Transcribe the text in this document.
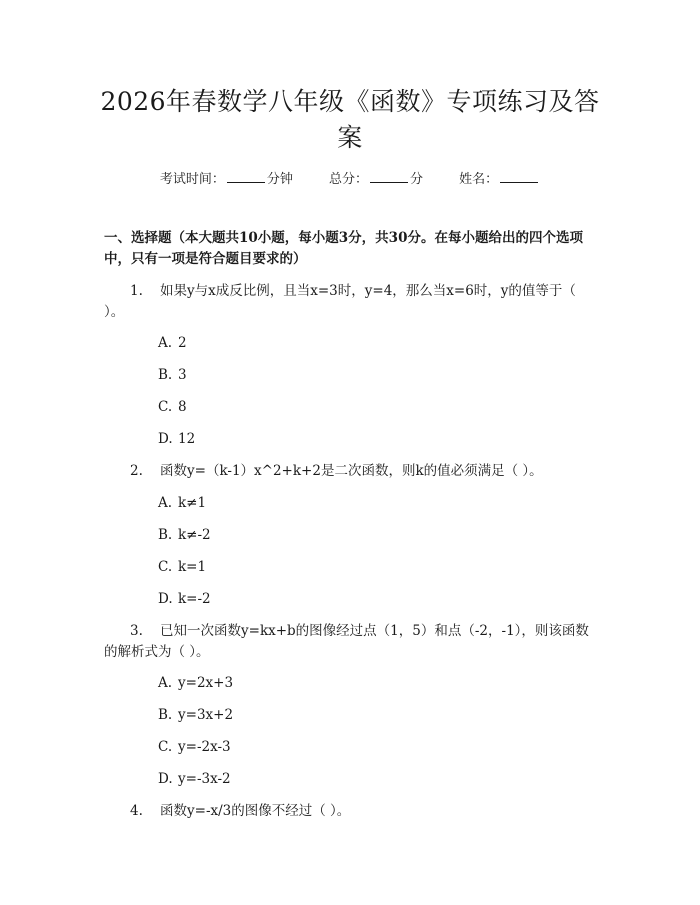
2026年春数学八年级《函数》专项练习及答案
考试时间：	分钟	总分：	分	姓名：
一、选择题（本大题共10小题，每小题3分，共30分。在每小题给出的四个选项中，只有一项是符合题目要求的）
1. 如果y与x成反比例，且当x=3时，y=4，那么当x=6时，y的值等于（ ）。
A. 2
B. 3
C. 8
D. 12
2. 函数y=（k-1）x^2+k+2是二次函数，则k的值必须满足（ ）。
A. k≠1
B. k≠-2
C. k=1
D. k=-2
3. 已知一次函数y=kx+b的图像经过点（1，5）和点（-2，-1），则该函数的解析式为（ ）。
A. y=2x+3
B. y=3x+2
C. y=-2x-3
D. y=-3x-2
4. 函数y=-x/3的图像不经过（ ）。
